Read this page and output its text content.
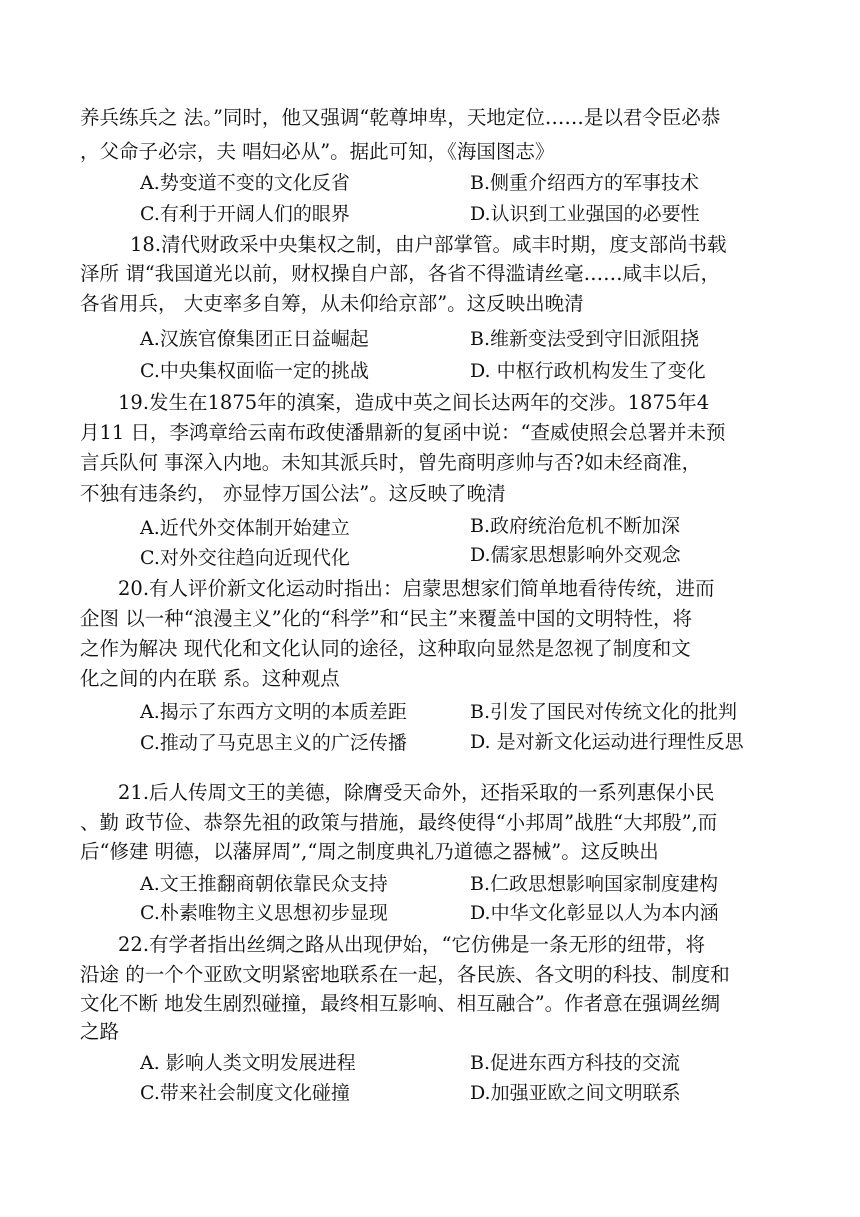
养兵练兵之 法。”同时，他又强调“乾尊坤卑，天地定位……是以君令臣必恭
，父命子必宗，夫 唱妇必从”。据此可知，《海国图志》
A.势变道不变的文化反省	B.侧重介绍西方的军事技术
C.有利于开阔人们的眼界	D.认识到工业强国的必要性
18.清代财政采中央集权之制，由户部掌管。咸丰时期，度支部尚书载
泽所 谓“我国道光以前，财权操自户部，各省不得滥请丝毫……咸丰以后，
各省用兵， 大吏率多自筹，从未仰给京部”。这反映出晚清
A.汉族官僚集团正日益崛起	B.维新变法受到守旧派阻挠
C.中央集权面临一定的挑战	D. 中枢行政机构发生了变化
19.发生在1875年的滇案，造成中英之间长达两年的交涉。1875年4
月11 日，李鸿章给云南布政使潘鼎新的复函中说：“查威使照会总署并未预
言兵队何 事深入内地。未知其派兵时，曾先商明彦帅与否?如未经商准，
不独有违条约， 亦显悖万国公法”。这反映了晚清
A.近代外交体制开始建立	B.政府统治危机不断加深
C.对外交往趋向近现代化	D.儒家思想影响外交观念
20.有人评价新文化运动时指出：启蒙思想家们简单地看待传统，进而
企图 以一种“浪漫主义”化的“科学”和“民主”来覆盖中国的文明特性，将
之作为解决 现代化和文化认同的途径，这种取向显然是忽视了制度和文
化之间的内在联 系。这种观点
A.揭示了东西方文明的本质差距	B.引发了国民对传统文化的批判
C.推动了马克思主义的广泛传播	D. 是对新文化运动进行理性反思
21.后人传周文王的美德，除膺受天命外，还指采取的一系列惠保小民
、勤 政节俭、恭祭先祖的政策与措施，最终使得“小邦周”战胜“大邦殷”,而
后“修建 明德，以藩屏周”,“周之制度典礼乃道德之器械”。这反映出
A.文王推翻商朝依靠民众支持	B.仁政思想影响国家制度建构
C.朴素唯物主义思想初步显现	D.中华文化彰显以人为本内涵
22.有学者指出丝绸之路从出现伊始，“它仿佛是一条无形的纽带，将
沿途 的一个个亚欧文明紧密地联系在一起，各民族、各文明的科技、制度和
文化不断 地发生剧烈碰撞，最终相互影响、相互融合”。作者意在强调丝绸
之路
A. 影响人类文明发展进程	B.促进东西方科技的交流
C.带来社会制度文化碰撞	D.加强亚欧之间文明联系
